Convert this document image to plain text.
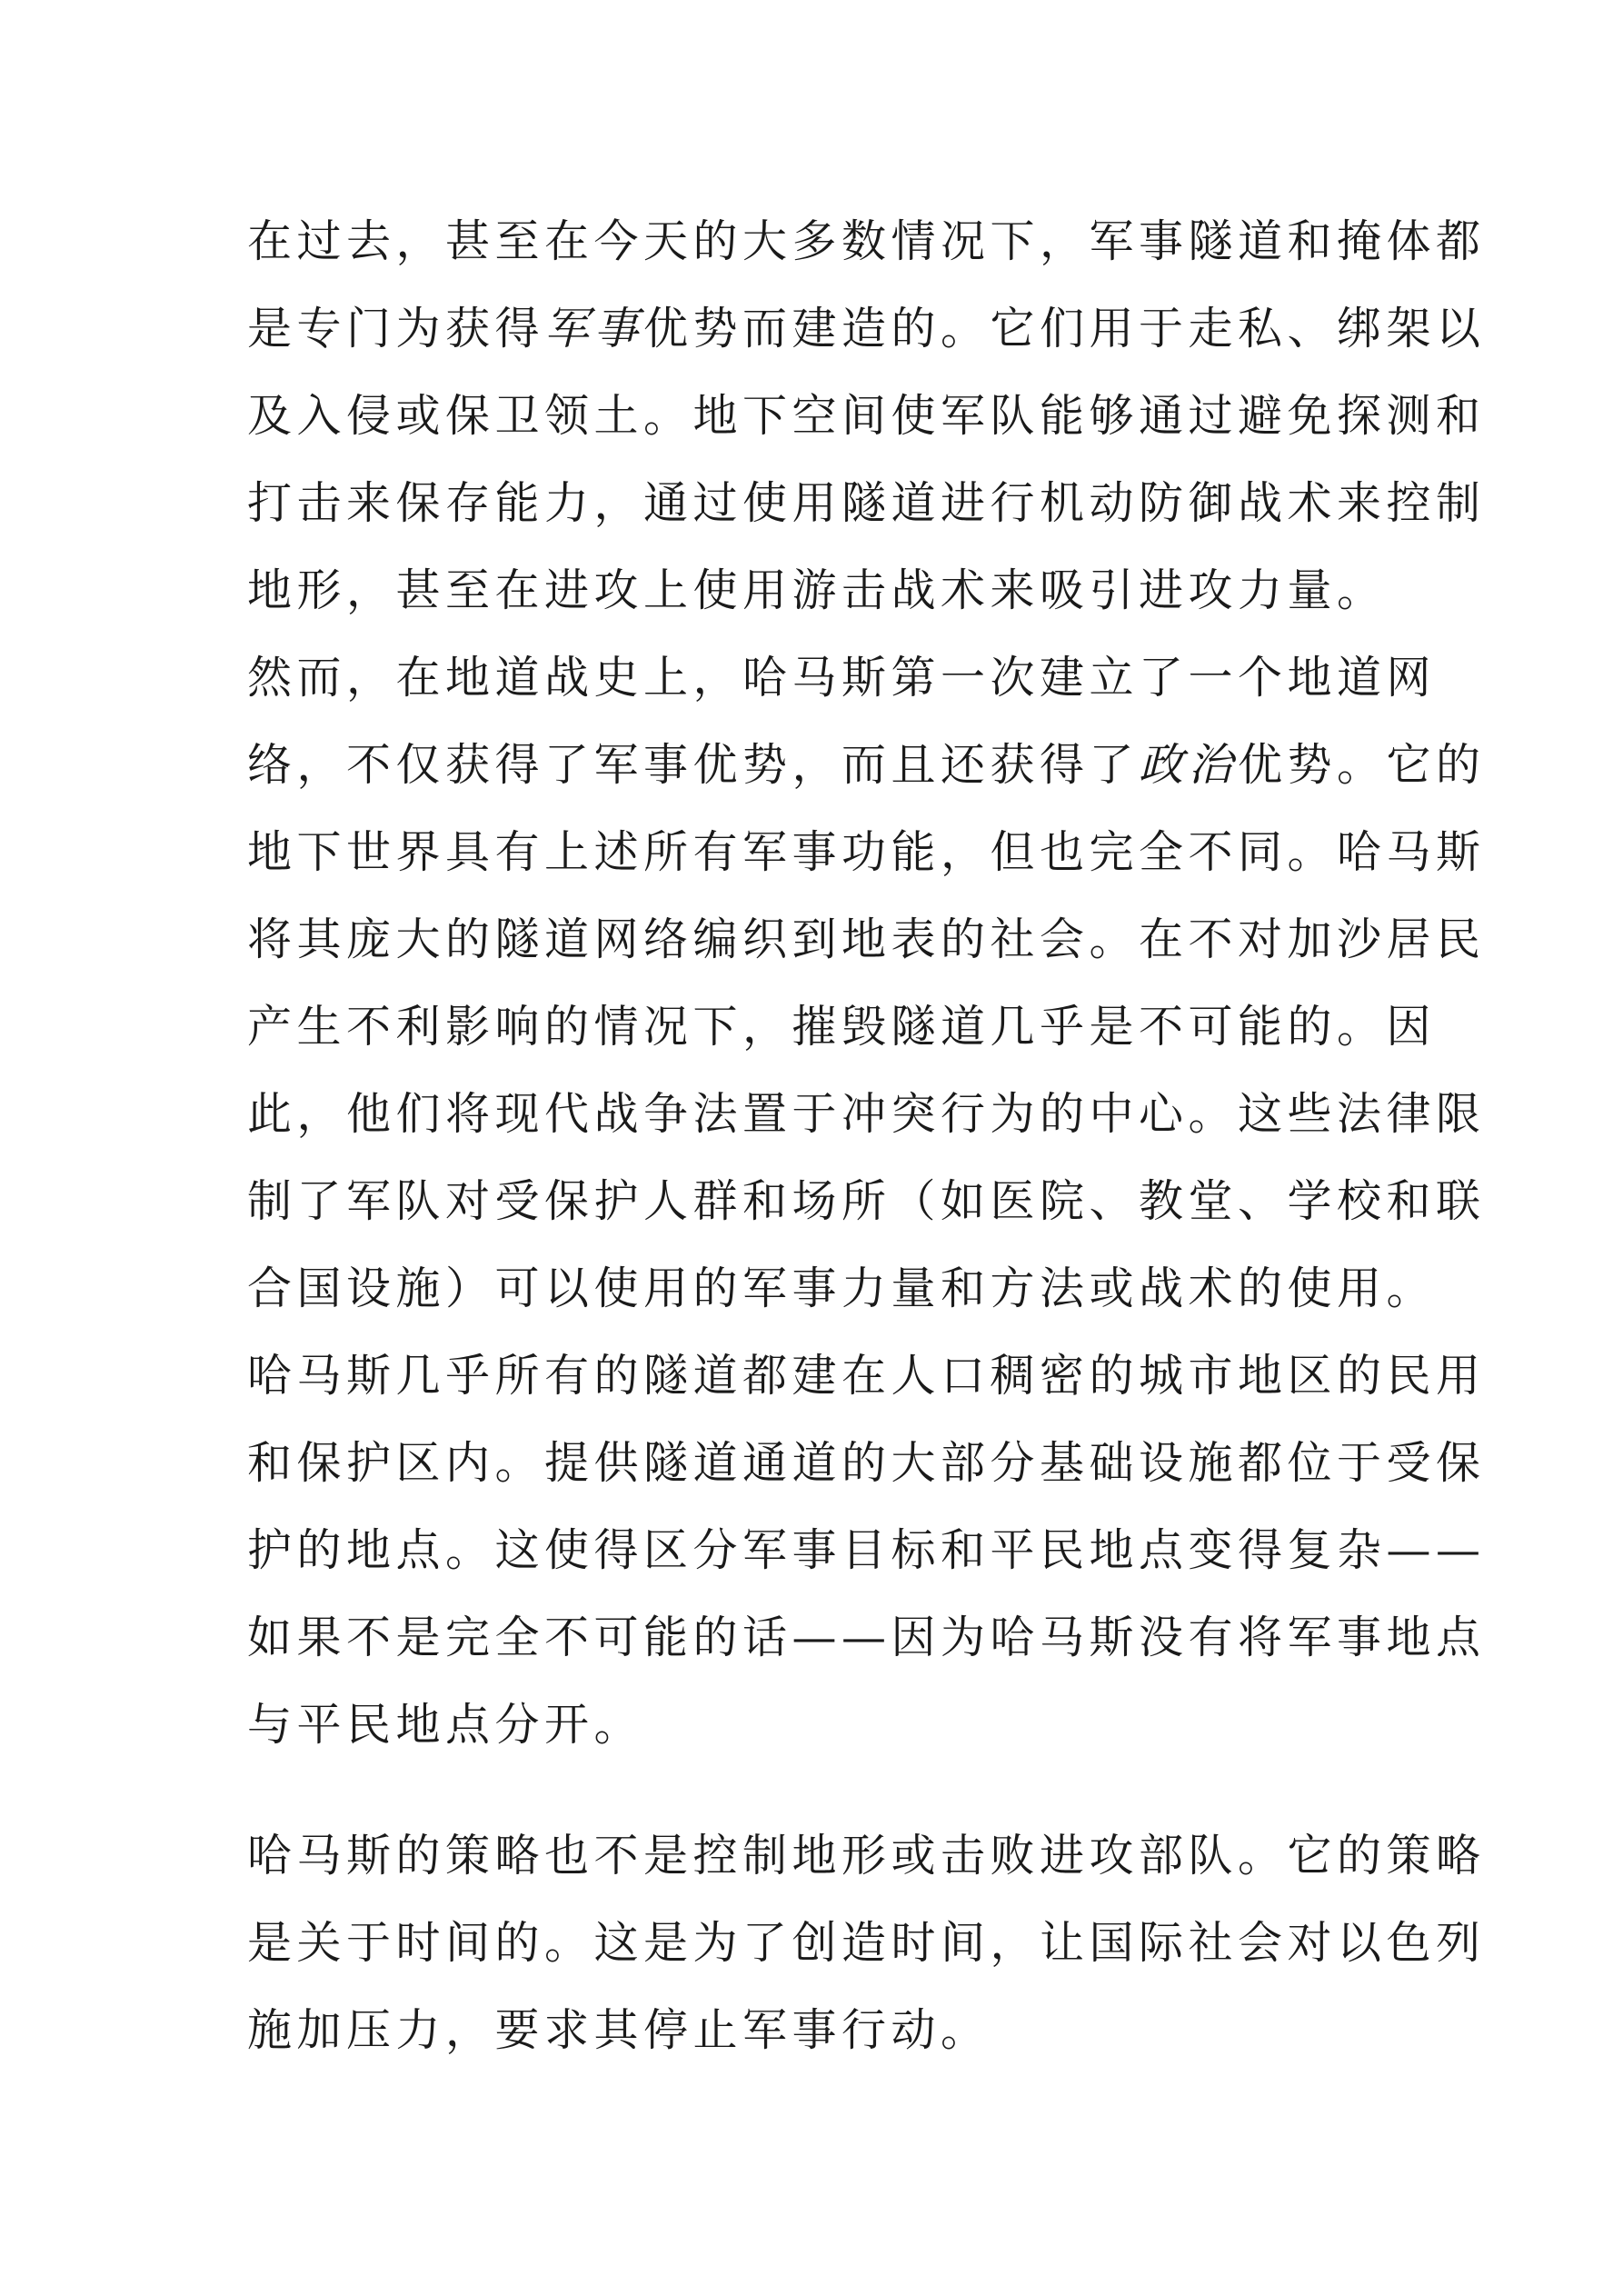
在过去，甚至在今天的大多数情况下，军事隧道和掩体都
是专门为获得军事优势而建造的。它们用于走私、绑架以
及入侵或保卫领土。地下空间使军队能够通过避免探测和
打击来保存能力，通过使用隧道进行机动防御战术来控制
地形，甚至在进攻上使用游击战术来吸引进攻力量。
然而，在地道战史上，哈马斯第一次建立了一个地道网
络，不仅获得了军事优势，而且还获得了政治优势。它的
地下世界具有上述所有军事功能，但也完全不同。哈马斯
将其庞大的隧道网络编织到地表的社会。在不对加沙居民
产生不利影响的情况下，摧毁隧道几乎是不可能的。因
此，他们将现代战争法置于冲突行为的中心。这些法律限
制了军队对受保护人群和场所（如医院、教堂、学校和联
合国设施）可以使用的军事力量和方法或战术的使用。
哈马斯几乎所有的隧道都建在人口稠密的城市地区的民用
和保护区内。提供隧道通道的大部分基础设施都位于受保
护的地点。这使得区分军事目标和平民地点变得复杂——
如果不是完全不可能的话——因为哈马斯没有将军事地点
与平民地点分开。
哈马斯的策略也不是控制地形或击败进攻部队。它的策略
是关于时间的。这是为了创造时间，让国际社会对以色列
施加压力，要求其停止军事行动。
